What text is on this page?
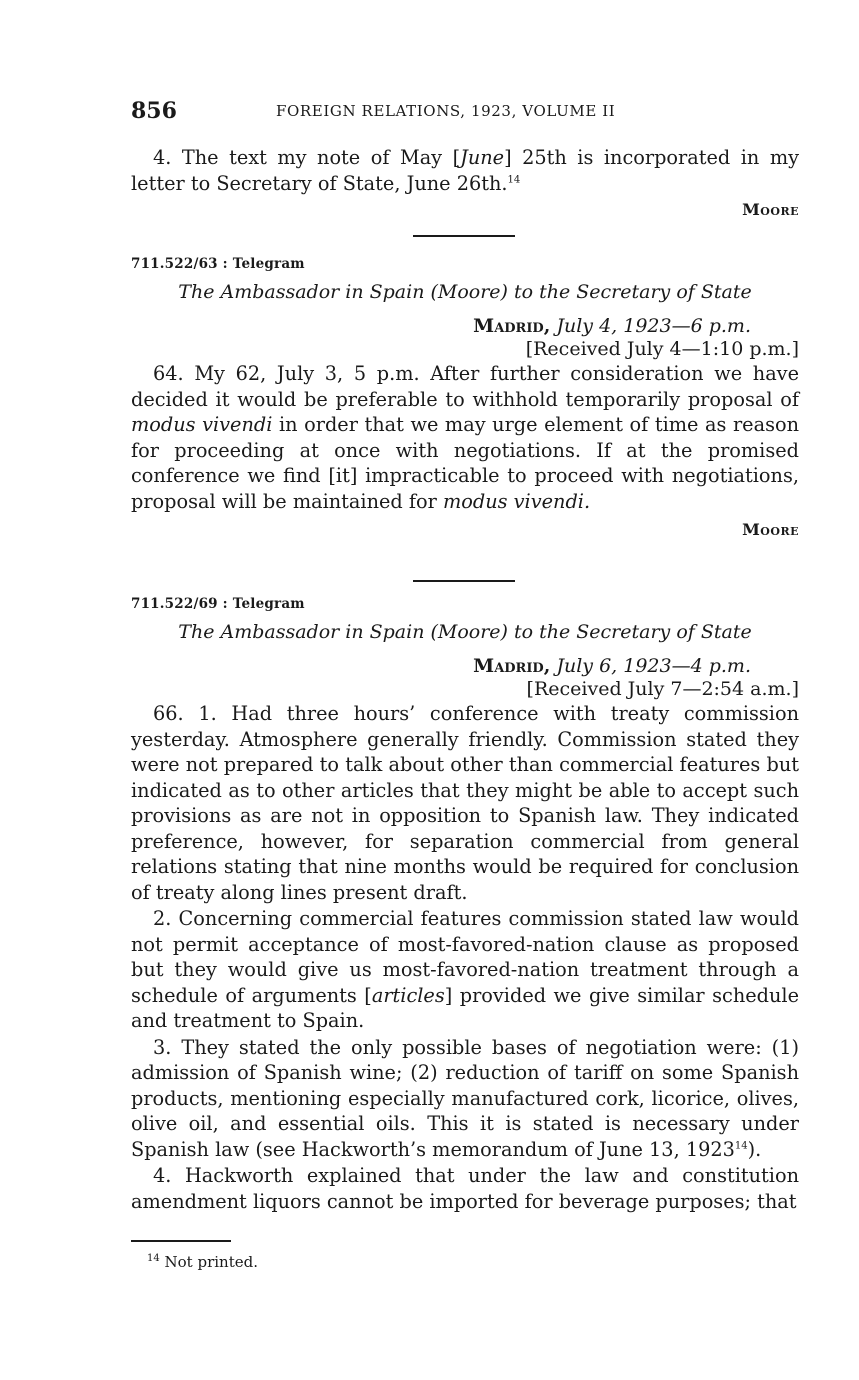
856	FOREIGN RELATIONS, 1923, VOLUME II

4. The text my note of May [June] 25th is incorporated in my letter to Secretary of State, June 26th.$^{14}$

Moore
711.522/63 : Telegram
The Ambassador in Spain (Moore) to the Secretary of State
Madrid, July 4, 1923—6 p.m.
[Received July 4—1:10 p.m.]

64. My 62, July 3, 5 p.m. After further consideration we have decided it would be preferable to withhold temporarily proposal of modus vivendi in order that we may urge element of time as reason for proceeding at once with negotiations. If at the promised conference we find [it] impracticable to proceed with negotiations, proposal will be maintained for modus vivendi.

Moore
711.522/69 : Telegram
The Ambassador in Spain (Moore) to the Secretary of State
Madrid, July 6, 1923—4 p.m.
[Received July 7—2:54 a.m.]

66. 1. Had three hours’ conference with treaty commission yesterday. Atmosphere generally friendly. Commission stated they were not prepared to talk about other than commercial features but indicated as to other articles that they might be able to accept such provisions as are not in opposition to Spanish law. They indicated preference, however, for separation commercial from general relations stating that nine months would be required for conclusion of treaty along lines present draft.

2. Concerning commercial features commission stated law would not permit acceptance of most-favored-nation clause as proposed but they would give us most-favored-nation treatment through a schedule of arguments [articles] provided we give similar schedule and treatment to Spain.

3. They stated the only possible bases of negotiation were: (1) admission of Spanish wine; (2) reduction of tariff on some Spanish products, mentioning especially manufactured cork, licorice, olives, olive oil, and essential oils. This it is stated is necessary under Spanish law (see Hackworth’s memorandum of June 13, 1923$^{14}$).

4. Hackworth explained that under the law and constitution amendment liquors cannot be imported for beverage purposes; that

$^{14}$ Not printed.
